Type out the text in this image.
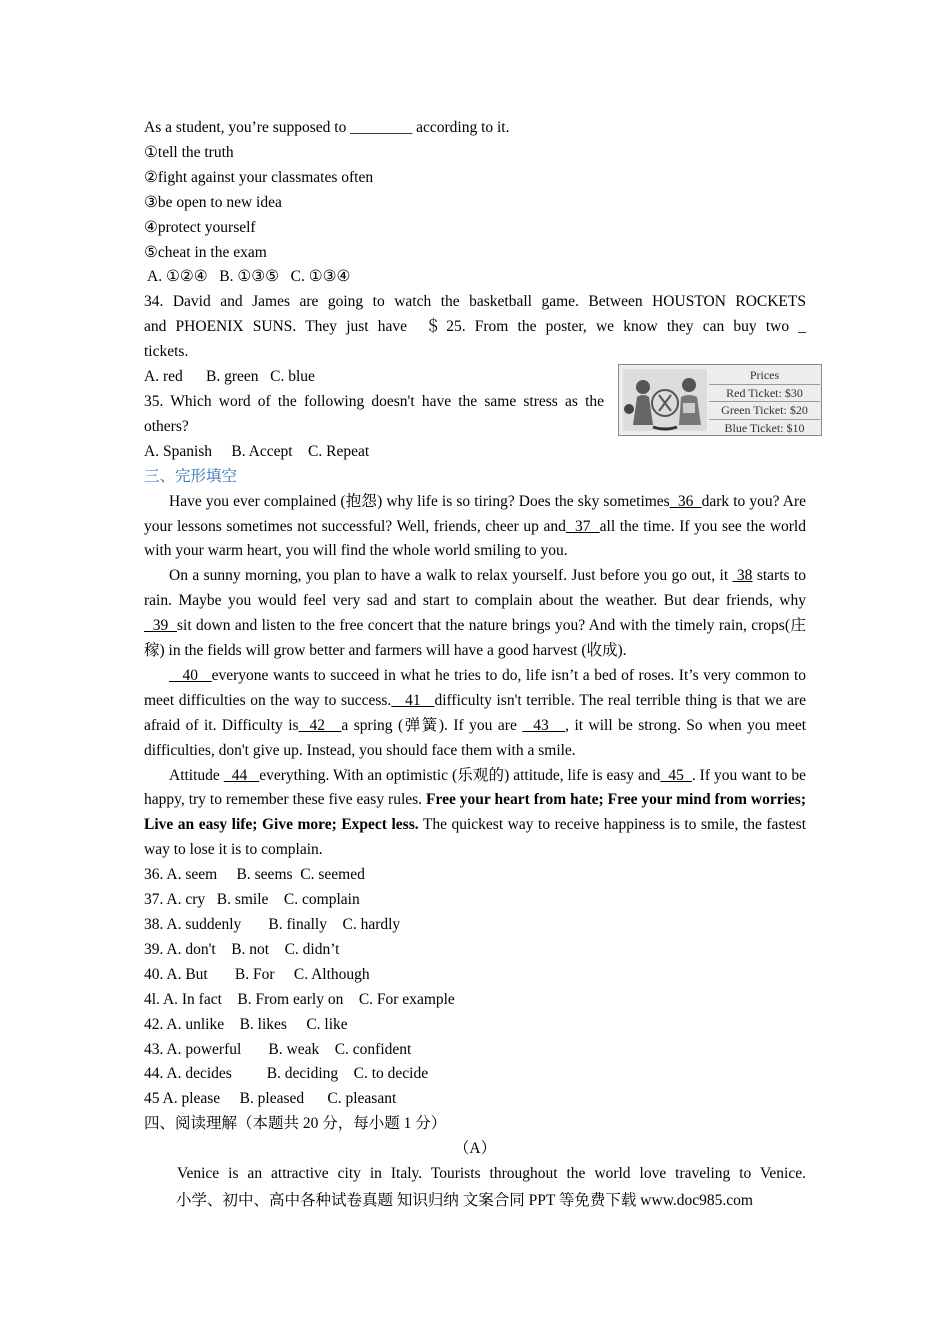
As a student, you’re supposed to ________ according to it.
①tell the truth
②fight against your classmates often
③be open to new idea
④protect yourself
⑤cheat in the exam
A. ①②④   B. ①③⑤   C. ①③④
34. David and James are going to watch the basketball game. Between HOUSTON ROCKETS
and PHOENIX SUNS. They just have  ＄25. From the poster, we know they can buy two _
tickets.
A. red      B. green   C. blue
35. Which word of the following doesn't have the same stress as the others?
A. Spanish     B. Accept    C. Repeat
三、完形填空
Have you ever complained (抱怨) why life is so tiring? Does the sky sometimes  36  dark to you? Are your lessons sometimes not successful? Well, friends, cheer up and  37  all the time. If you see the world with your warm heart, you will find the whole world smiling to you.
On a sunny morning, you plan to have a walk to relax yourself. Just before you go out, it  38 starts to rain. Maybe you would feel very sad and start to complain about the weather. But dear friends, why  39  sit down and listen to the free concert that the nature brings you? And with the timely rain, crops(庄稼) in the fields will grow better and farmers will have a good harvest (收成).
40   everyone wants to succeed in what he tries to do, life isn’t a bed of roses. It’s very common to meet difficulties on the way to success.   41   difficulty isn't terrible. The real terrible thing is that we are afraid of it. Difficulty is  42   a spring (弹簧). If you are   43   , it will be strong. So when you meet difficulties, don't give up. Instead, you should face them with a smile.
Attitude   44   everything. With an optimistic (乐观的) attitude, life is easy and  45  . If you want to be happy, try to remember these five easy rules. Free your heart from hate; Free your mind from worries; Live an easy life; Give more; Expect less. The quickest way to receive happiness is to smile, the fastest way to lose it is to complain.
36. A. seem     B. seems  C. seemed
37. A. cry   B. smile    C. complain
38. A. suddenly       B. finally    C. hardly
39. A. don't    B. not    C. didn’t
40. A. But       B. For     C. Although
4l. A. In fact    B. From early on    C. For example
42. A. unlike    B. likes     C. like
43. A. powerful       B. weak    C. confident
44. A. decides         B. deciding    C. to decide
45 A. please     B. pleased      C. pleasant
四、阅读理解（本题共 20 分，每小题 1 分）
（A）
Venice is an attractive city in Italy. Tourists throughout the world love traveling to Venice.
Prices
Red Ticket: $30
Green Ticket: $20
Blue Ticket: $10
小学、初中、高中各种试卷真题 知识归纳 文案合同 PPT 等免费下载 www.doc985.com
